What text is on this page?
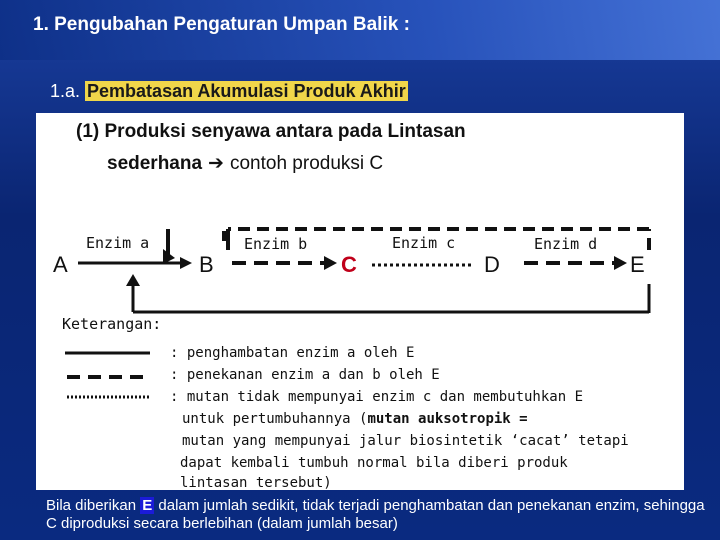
1. Pengubahan Pengaturan Umpan Balik :
1.a. Pembatasan Akumulasi Produk Akhir
(1) Produksi senyawa antara pada Lintasan
sederhana ➔ contoh produksi C
A	B	C	D	E
Enzim a	Enzim b	Enzim c	Enzim d
Keterangan:
: penghambatan enzim a oleh E
: penekanan enzim a dan b oleh E
: mutan tidak mempunyai enzim c dan membutuhkan E
untuk pertumbuhannya (mutan auksotropik =
mutan yang mempunyai jalur biosintetik ‘cacat’ tetapi
dapat kembali tumbuh normal bila diberi produk
lintasan tersebut)
Bila diberikan E dalam jumlah sedikit, tidak terjadi penghambatan dan penekanan enzim, sehingga C diproduksi secara berlebihan (dalam jumlah besar)
